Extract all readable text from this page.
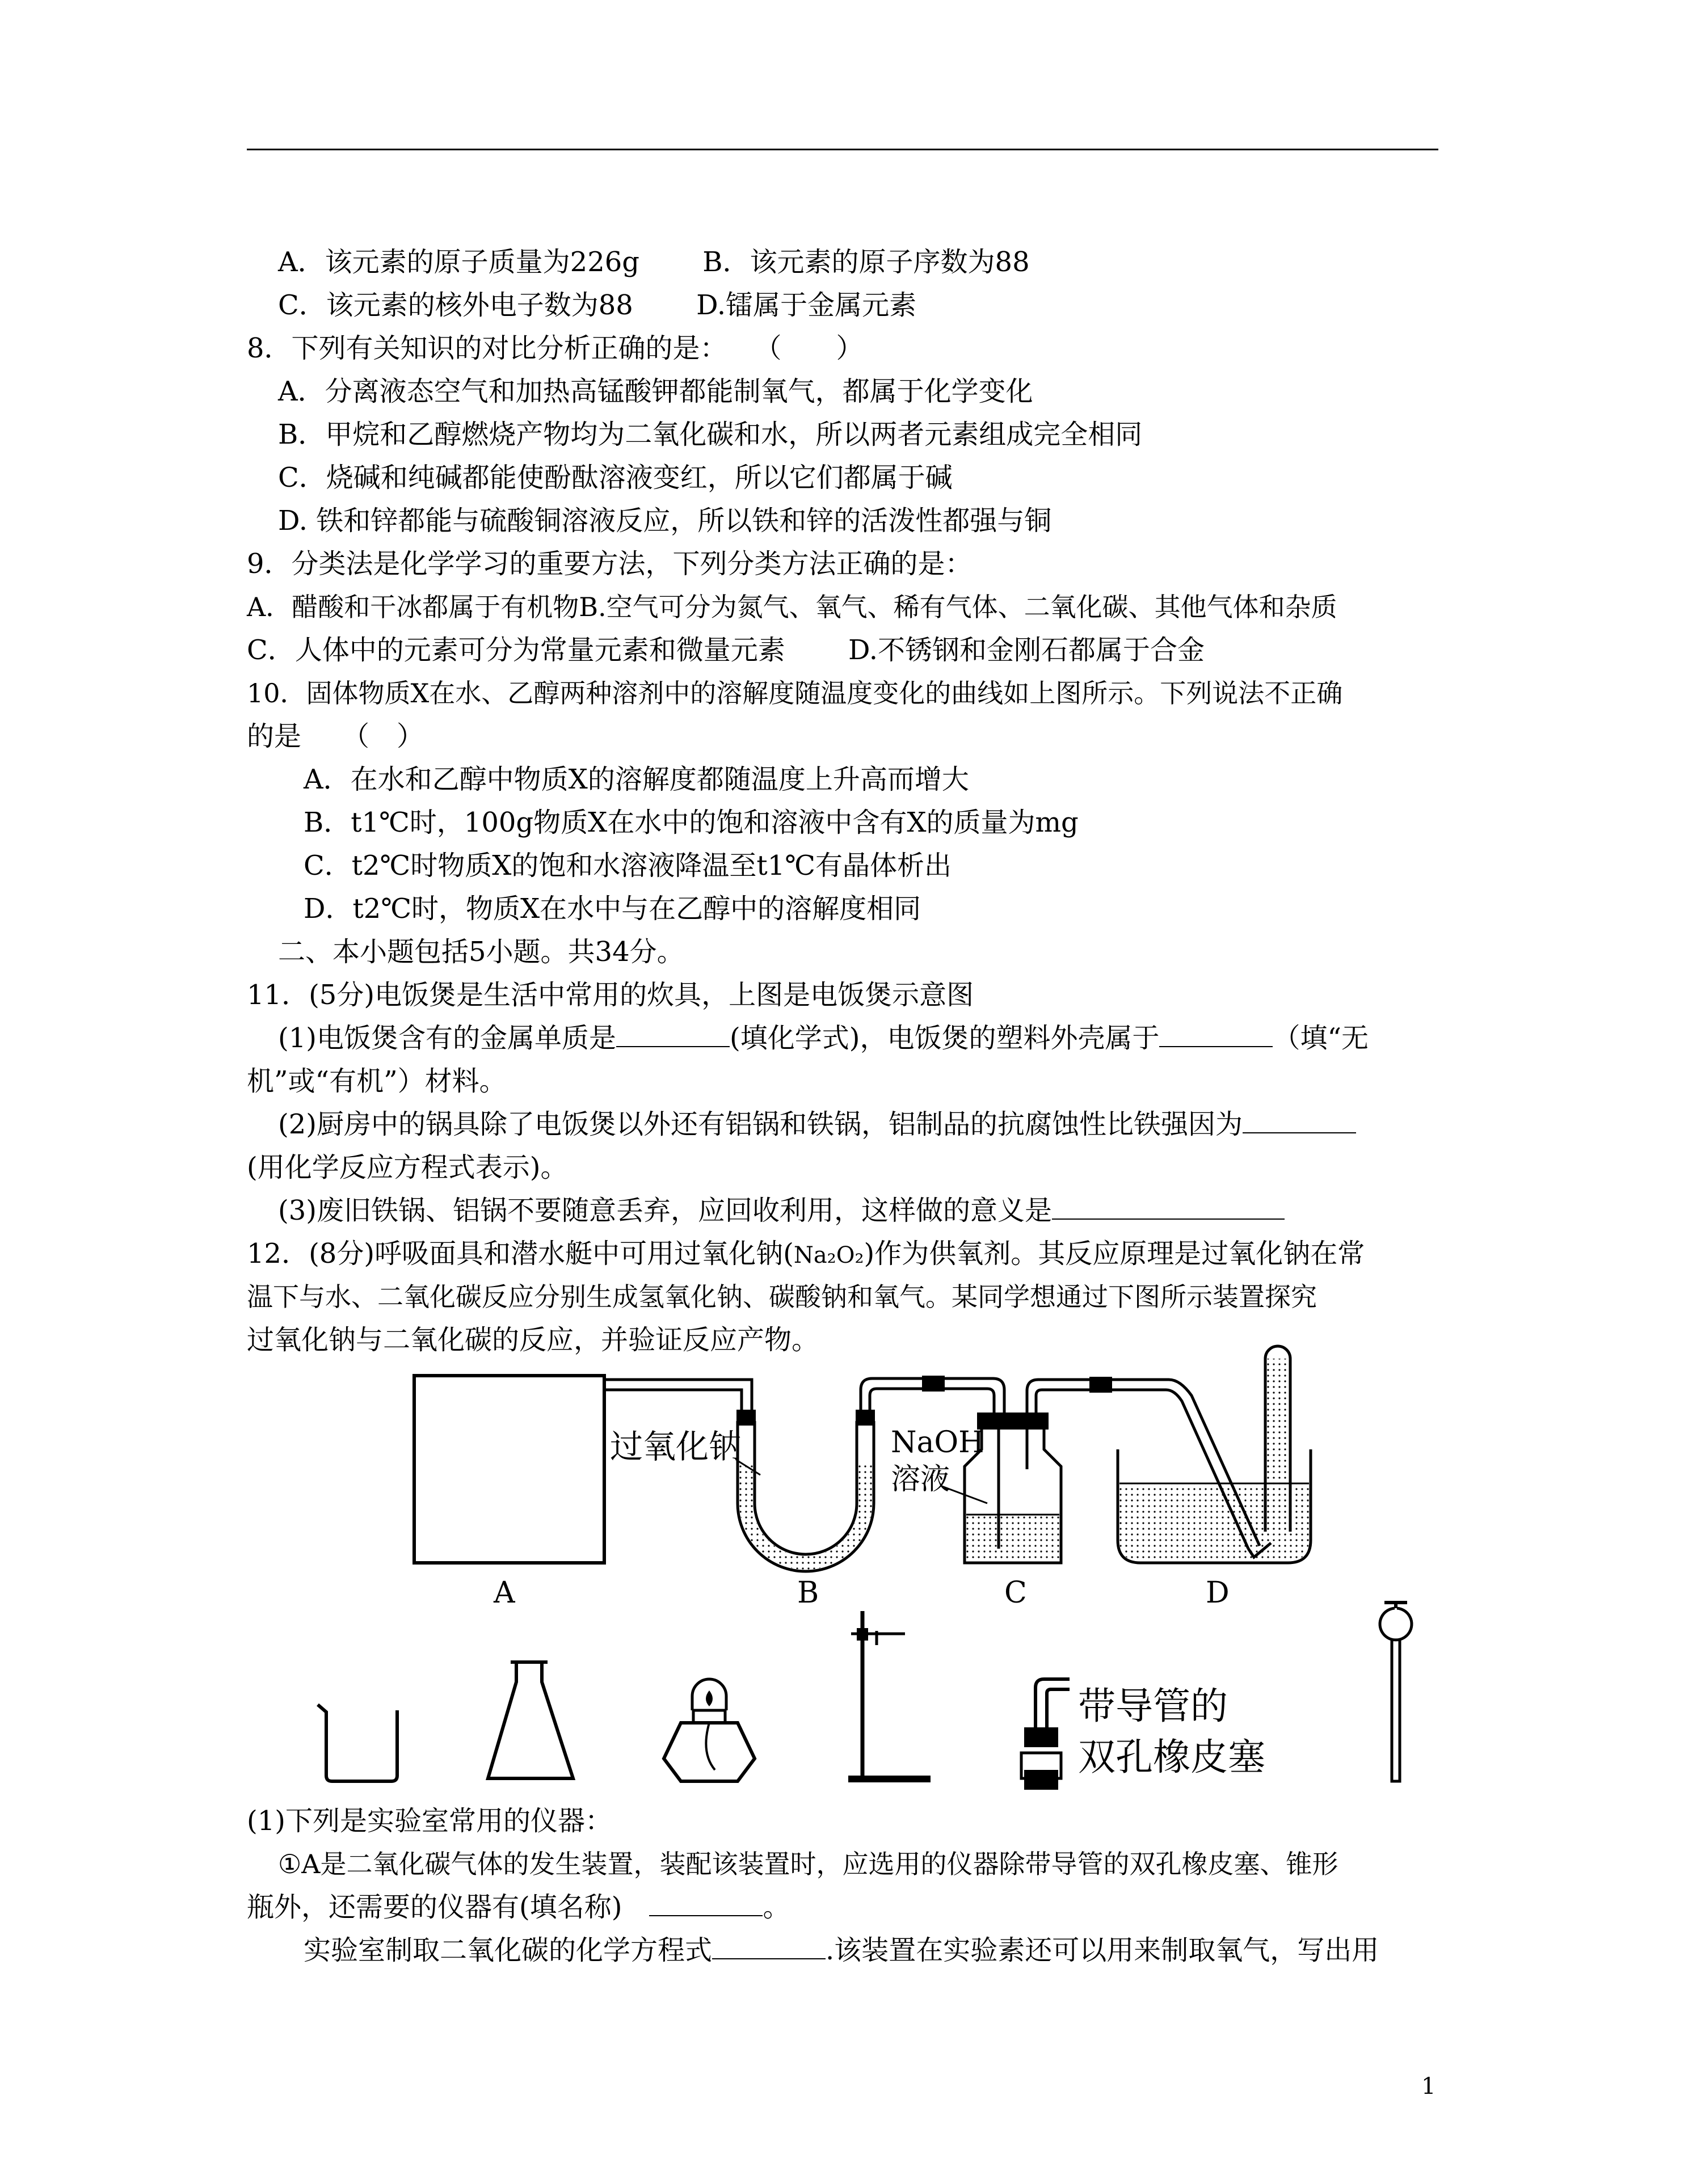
A．该元素的原子质量为226g　　 B．该元素的原子序数为88
C．该元素的核外电子数为88　　 D.镭属于金属元素
8．下列有关知识的对比分析正确的是：　　（　　）
A．分离液态空气和加热高锰酸钾都能制氧气，都属于化学变化
B．甲烷和乙醇燃烧产物均为二氧化碳和水，所以两者元素组成完全相同
C．烧碱和纯碱都能使酚酞溶液变红，所以它们都属于碱
D. 铁和锌都能与硫酸铜溶液反应，所以铁和锌的活泼性都强与铜
9．分类法是化学学习的重要方法，下列分类方法正确的是：
A．醋酸和干冰都属于有机物B.空气可分为氮气、氧气、稀有气体、二氧化碳、其他气体和杂质
C．人体中的元素可分为常量元素和微量元素　　 D.不锈钢和金刚石都属于合金
10．固体物质X在水、乙醇两种溶剂中的溶解度随温度变化的曲线如上图所示。下列说法不正确
的是　　（　）
A．在水和乙醇中物质X的溶解度都随温度上升高而增大
B．t1℃时，100g物质X在水中的饱和溶液中含有X的质量为mg
C．t2℃时物质X的饱和水溶液降温至t1℃有晶体析出
D．t2℃时，物质X在水中与在乙醇中的溶解度相同
二、本小题包括5小题。共34分。
11．(5分)电饭煲是生活中常用的炊具，上图是电饭煲示意图
(1)电饭煲含有的金属单质是	(填化学式)，电饭煲的塑料外壳属于	（填“无
机”或“有机”）材料。
(2)厨房中的锅具除了电饭煲以外还有铝锅和铁锅，铝制品的抗腐蚀性比铁强因为
(用化学反应方程式表示)。
(3)废旧铁锅、铝锅不要随意丢弃，应回收利用，这样做的意义是
12．(8分)呼吸面具和潜水艇中可用过氧化钠(Na₂O₂)作为供氧剂。其反应原理是过氧化钠在常
温下与水、二氧化碳反应分别生成氢氧化钠、碳酸钠和氧气。某同学想通过下图所示装置探究
过氧化钠与二氧化碳的反应，并验证反应产物。
过氧化钠	NaOH
溶液
A	B	C	D
带导管的
双孔橡皮塞
(1)下列是实验室常用的仪器：
①A是二氧化碳气体的发生装置，装配该装置时，应选用的仪器除带导管的双孔橡皮塞、锥形
瓶外，还需要的仪器有(填名称)　	。
实验室制取二氧化碳的化学方程式	.该装置在实验素还可以用来制取氧气，写出用
1
